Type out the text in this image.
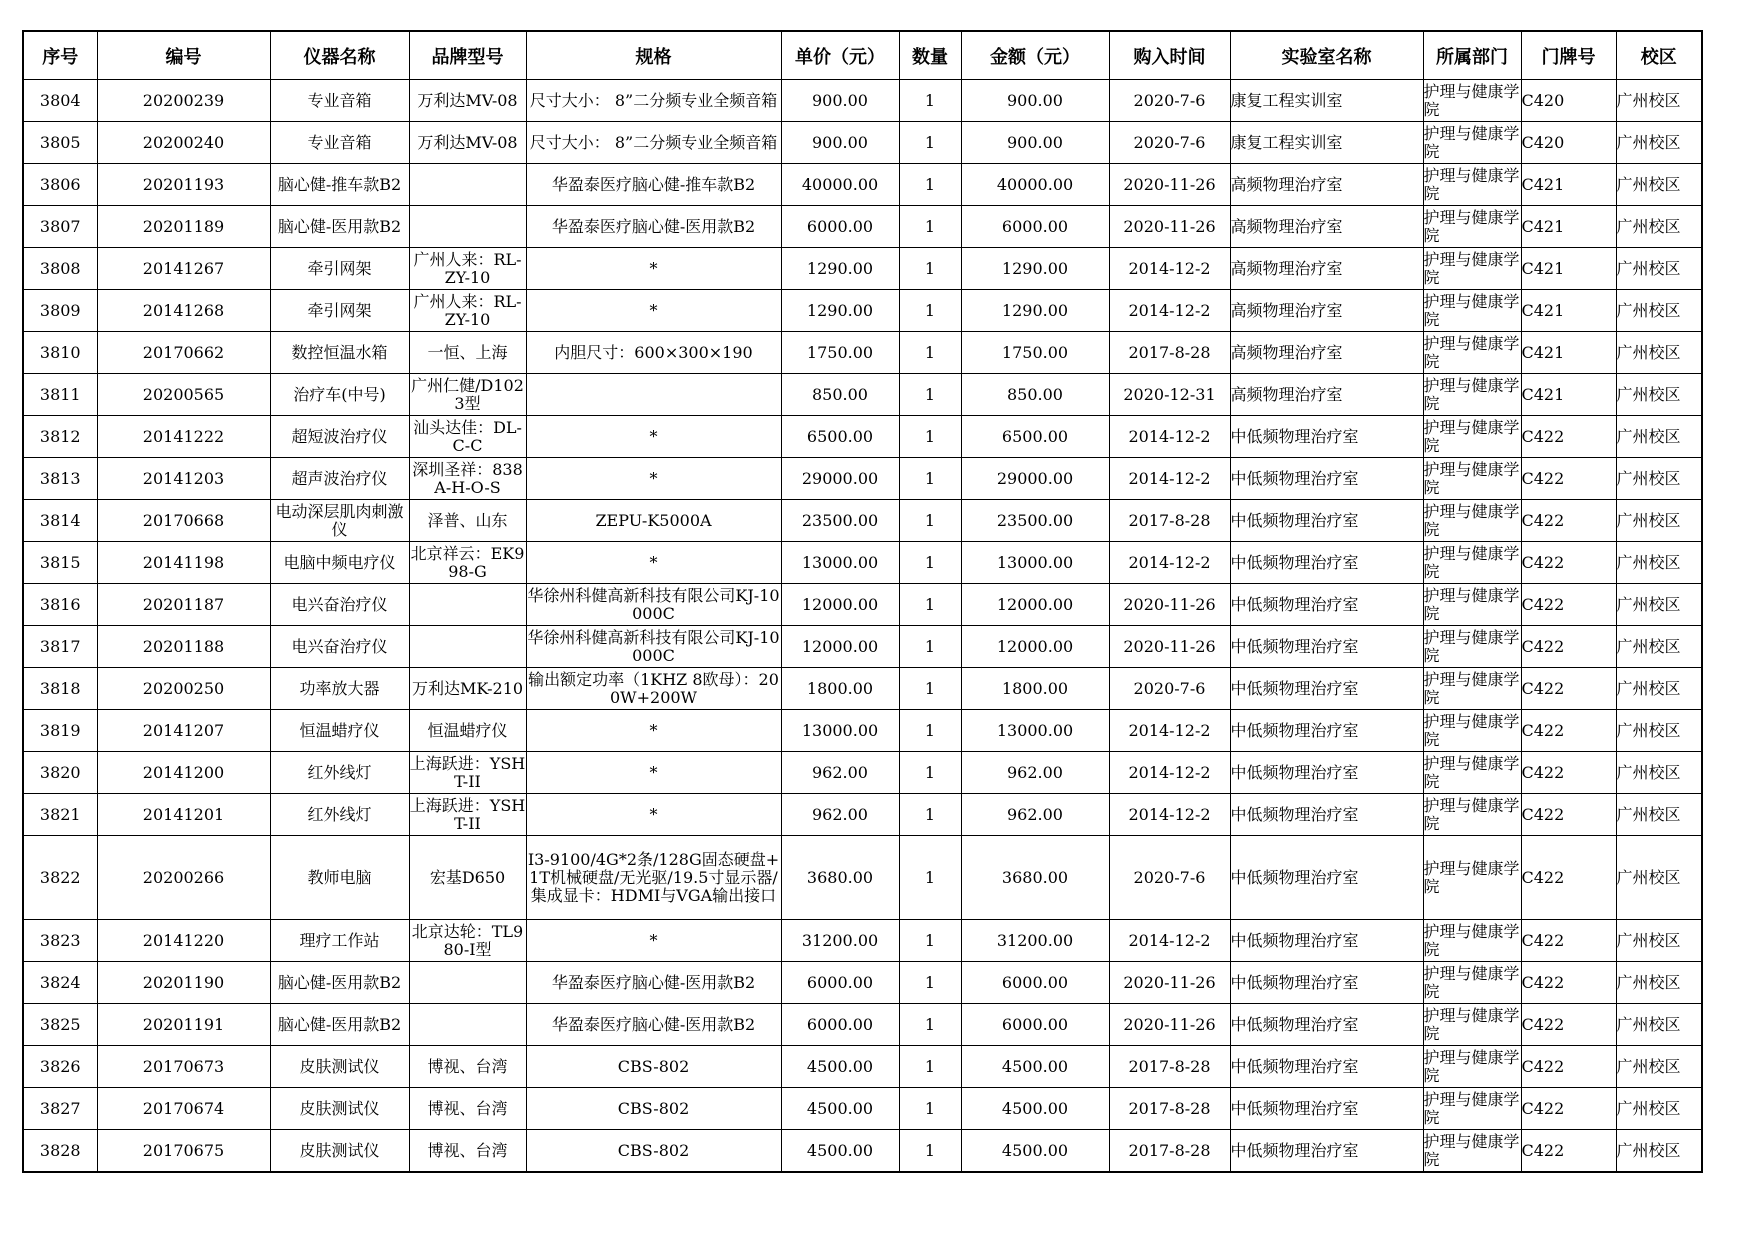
序号	编号	仪器名称	品牌型号	规格	单价（元）	数量	金额（元）	购入时间	实验室名称	所属部门	门牌号	校区

3804	20200239	专业音箱	万利达MV-08	尺寸大小： 8”二分频专业全频音箱	900.00	1	900.00	2020-7-6	康复工程实训室	护理与健康学院	C420	广州校区

3805	20200240	专业音箱	万利达MV-08	尺寸大小： 8”二分频专业全频音箱	900.00	1	900.00	2020-7-6	康复工程实训室	护理与健康学院	C420	广州校区

3806	20201193	脑心健-推车款B2		华盈泰医疗脑心健-推车款B2	40000.00	1	40000.00	2020-11-26	高频物理治疗室	护理与健康学院	C421	广州校区

3807	20201189	脑心健-医用款B2		华盈泰医疗脑心健-医用款B2	6000.00	1	6000.00	2020-11-26	高频物理治疗室	护理与健康学院	C421	广州校区

3808	20141267	牵引网架	广州人来：RL-ZY-10	*	1290.00	1	1290.00	2014-12-2	高频物理治疗室	护理与健康学院	C421	广州校区

3809	20141268	牵引网架	广州人来：RL-ZY-10	*	1290.00	1	1290.00	2014-12-2	高频物理治疗室	护理与健康学院	C421	广州校区

3810	20170662	数控恒温水箱	一恒、上海	内胆尺寸：600×300×190	1750.00	1	1750.00	2017-8-28	高频物理治疗室	护理与健康学院	C421	广州校区

3811	20200565	治疗车(中号)	广州仁健/D1023型		850.00	1	850.00	2020-12-31	高频物理治疗室	护理与健康学院	C421	广州校区

3812	20141222	超短波治疗仪	汕头达佳：DL-C-C	*	6500.00	1	6500.00	2014-12-2	中低频物理治疗室	护理与健康学院	C422	广州校区

3813	20141203	超声波治疗仪	深圳圣祥：838A-H-O-S	*	29000.00	1	29000.00	2014-12-2	中低频物理治疗室	护理与健康学院	C422	广州校区

3814	20170668	电动深层肌肉刺激仪	泽普、山东	ZEPU-K5000A	23500.00	1	23500.00	2017-8-28	中低频物理治疗室	护理与健康学院	C422	广州校区

3815	20141198	电脑中频电疗仪	北京祥云：EK998-G	*	13000.00	1	13000.00	2014-12-2	中低频物理治疗室	护理与健康学院	C422	广州校区

3816	20201187	电兴奋治疗仪		华徐州科健高新科技有限公司KJ-10000C	12000.00	1	12000.00	2020-11-26	中低频物理治疗室	护理与健康学院	C422	广州校区

3817	20201188	电兴奋治疗仪		华徐州科健高新科技有限公司KJ-10000C	12000.00	1	12000.00	2020-11-26	中低频物理治疗室	护理与健康学院	C422	广州校区

3818	20200250	功率放大器	万利达MK-210	输出额定功率（1KHZ 8欧母）：200W+200W	1800.00	1	1800.00	2020-7-6	中低频物理治疗室	护理与健康学院	C422	广州校区

3819	20141207	恒温蜡疗仪	恒温蜡疗仪	*	13000.00	1	13000.00	2014-12-2	中低频物理治疗室	护理与健康学院	C422	广州校区

3820	20141200	红外线灯	上海跃进：YSHT-II	*	962.00	1	962.00	2014-12-2	中低频物理治疗室	护理与健康学院	C422	广州校区

3821	20141201	红外线灯	上海跃进：YSHT-II	*	962.00	1	962.00	2014-12-2	中低频物理治疗室	护理与健康学院	C422	广州校区

3822	20200266	教师电脑	宏基D650	I3-9100/4G*2条/128G固态硬盘+1T机械硬盘/无光驱/19.5寸显示器/集成显卡：HDMI与VGA输出接口	3680.00	1	3680.00	2020-7-6	中低频物理治疗室	护理与健康学院	C422	广州校区

3823	20141220	理疗工作站	北京达轮：TL980-I型	*	31200.00	1	31200.00	2014-12-2	中低频物理治疗室	护理与健康学院	C422	广州校区

3824	20201190	脑心健-医用款B2		华盈泰医疗脑心健-医用款B2	6000.00	1	6000.00	2020-11-26	中低频物理治疗室	护理与健康学院	C422	广州校区

3825	20201191	脑心健-医用款B2		华盈泰医疗脑心健-医用款B2	6000.00	1	6000.00	2020-11-26	中低频物理治疗室	护理与健康学院	C422	广州校区

3826	20170673	皮肤测试仪	博视、台湾	CBS-802	4500.00	1	4500.00	2017-8-28	中低频物理治疗室	护理与健康学院	C422	广州校区

3827	20170674	皮肤测试仪	博视、台湾	CBS-802	4500.00	1	4500.00	2017-8-28	中低频物理治疗室	护理与健康学院	C422	广州校区

3828	20170675	皮肤测试仪	博视、台湾	CBS-802	4500.00	1	4500.00	2017-8-28	中低频物理治疗室	护理与健康学院	C422	广州校区
